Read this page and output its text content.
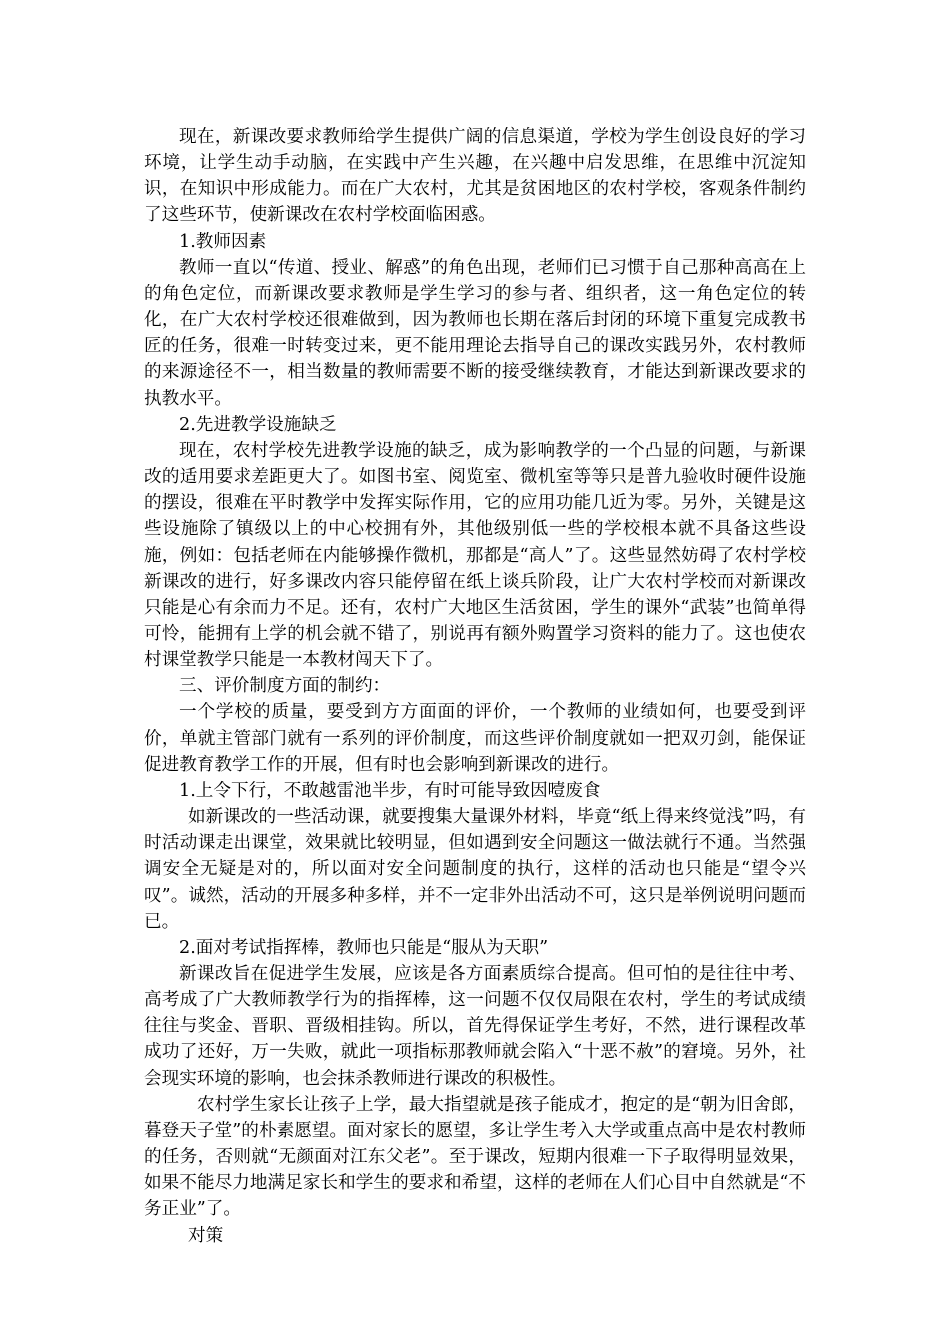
现在，新课改要求教师给学生提供广阔的信息渠道，学校为学生创设良好的学习环境，让学生动手动脑，在实践中产生兴趣，在兴趣中启发思维，在思维中沉淀知识，在知识中形成能力。而在广大农村，尤其是贫困地区的农村学校，客观条件制约了这些环节，使新课改在农村学校面临困惑。

1.教师因素

教师一直以“传道、授业、解惑”的角色出现，老师们已习惯于自己那种高高在上的角色定位，而新课改要求教师是学生学习的参与者、组织者，这一角色定位的转化，在广大农村学校还很难做到，因为教师也长期在落后封闭的环境下重复完成教书匠的任务，很难一时转变过来，更不能用理论去指导自己的课改实践另外，农村教师的来源途径不一，相当数量的教师需要不断的接受继续教育，才能达到新课改要求的执教水平。

2.先进教学设施缺乏

现在，农村学校先进教学设施的缺乏，成为影响教学的一个凸显的问题，与新课改的适用要求差距更大了。如图书室、阅览室、微机室等等只是普九验收时硬件设施的摆设，很难在平时教学中发挥实际作用，它的应用功能几近为零。另外，关键是这些设施除了镇级以上的中心校拥有外，其他级别低一些的学校根本就不具备这些设施，例如：包括老师在内能够操作微机，那都是“高人”了。这些显然妨碍了农村学校新课改的进行，好多课改内容只能停留在纸上谈兵阶段，让广大农村学校而对新课改只能是心有余而力不足。还有，农村广大地区生活贫困，学生的课外“武装”也简单得可怜，能拥有上学的机会就不错了，别说再有额外购置学习资料的能力了。这也使农村课堂教学只能是一本教材闯天下了。

三、评价制度方面的制约：

一个学校的质量，要受到方方面面的评价，一个教师的业绩如何，也要受到评价，单就主管部门就有一系列的评价制度，而这些评价制度就如一把双刃剑，能保证促进教育教学工作的开展，但有时也会影响到新课改的进行。

1.上令下行，不敢越雷池半步，有时可能导致因噎废食

如新课改的一些活动课，就要搜集大量课外材料，毕竟“纸上得来终觉浅”吗，有时活动课走出课堂，效果就比较明显，但如遇到安全问题这一做法就行不通。当然强调安全无疑是对的，所以面对安全问题制度的执行，这样的活动也只能是“望令兴叹”。诚然，活动的开展多种多样，并不一定非外出活动不可，这只是举例说明问题而已。

2.面对考试指挥棒，教师也只能是“服从为天职”

新课改旨在促进学生发展，应该是各方面素质综合提高。但可怕的是往往中考、高考成了广大教师教学行为的指挥棒，这一问题不仅仅局限在农村，学生的考试成绩往往与奖金、晋职、晋级相挂钩。所以，首先得保证学生考好，不然，进行课程改革成功了还好，万一失败，就此一项指标那教师就会陷入“十恶不赦”的窘境。另外，社会现实环境的影响，也会抹杀教师进行课改的积极性。

农村学生家长让孩子上学，最大指望就是孩子能成才，抱定的是“朝为旧舍郎，暮登天子堂”的朴素愿望。面对家长的愿望，多让学生考入大学或重点高中是农村教师的任务，否则就“无颜面对江东父老”。至于课改，短期内很难一下子取得明显效果，如果不能尽力地满足家长和学生的要求和希望，这样的老师在人们心目中自然就是“不务正业”了。

对策
